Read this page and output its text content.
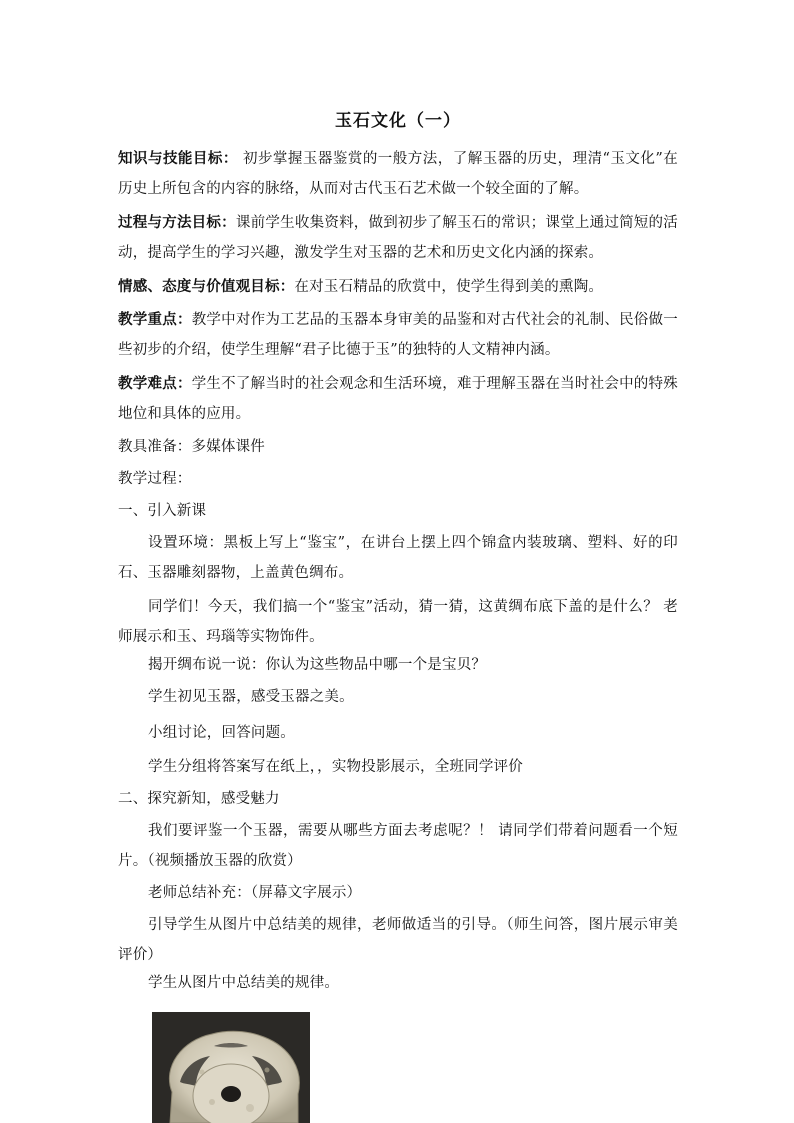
玉石文化（一）
知识与技能目标： 初步掌握玉器鉴赏的一般方法，了解玉器的历史，理清“玉文化”在历史上所包含的内容的脉络，从而对古代玉石艺术做一个较全面的了解。
过程与方法目标：课前学生收集资料，做到初步了解玉石的常识；课堂上通过简短的活动，提高学生的学习兴趣，激发学生对玉器的艺术和历史文化内涵的探索。
情感、态度与价值观目标：在对玉石精品的欣赏中，使学生得到美的熏陶。
教学重点：教学中对作为工艺品的玉器本身审美的品鉴和对古代社会的礼制、民俗做一些初步的介绍，使学生理解“君子比德于玉”的独特的人文精神内涵。
教学难点：学生不了解当时的社会观念和生活环境，难于理解玉器在当时社会中的特殊地位和具体的应用。
教具准备：多媒体课件
教学过程：
一、引入新课
设置环境：黑板上写上“鉴宝”，在讲台上摆上四个锦盒内装玻璃、塑料、好的印石、玉器雕刻器物，上盖黄色绸布。
同学们！今天，我们搞一个“鉴宝”活动，猜一猜，这黄绸布底下盖的是什么？ 老师展示和玉、玛瑙等实物饰件。
揭开绸布说一说：你认为这些物品中哪一个是宝贝？
学生初见玉器，感受玉器之美。
小组讨论，回答问题。
学生分组将答案写在纸上，，实物投影展示，全班同学评价
二、探究新知，感受魅力
我们要评鉴一个玉器，需要从哪些方面去考虑呢？！ 请同学们带着问题看一个短片。（视频播放玉器的欣赏）
老师总结补充：（屏幕文字展示）
引导学生从图片中总结美的规律，老师做适当的引导。（师生问答，图片展示审美评价）
学生从图片中总结美的规律。
